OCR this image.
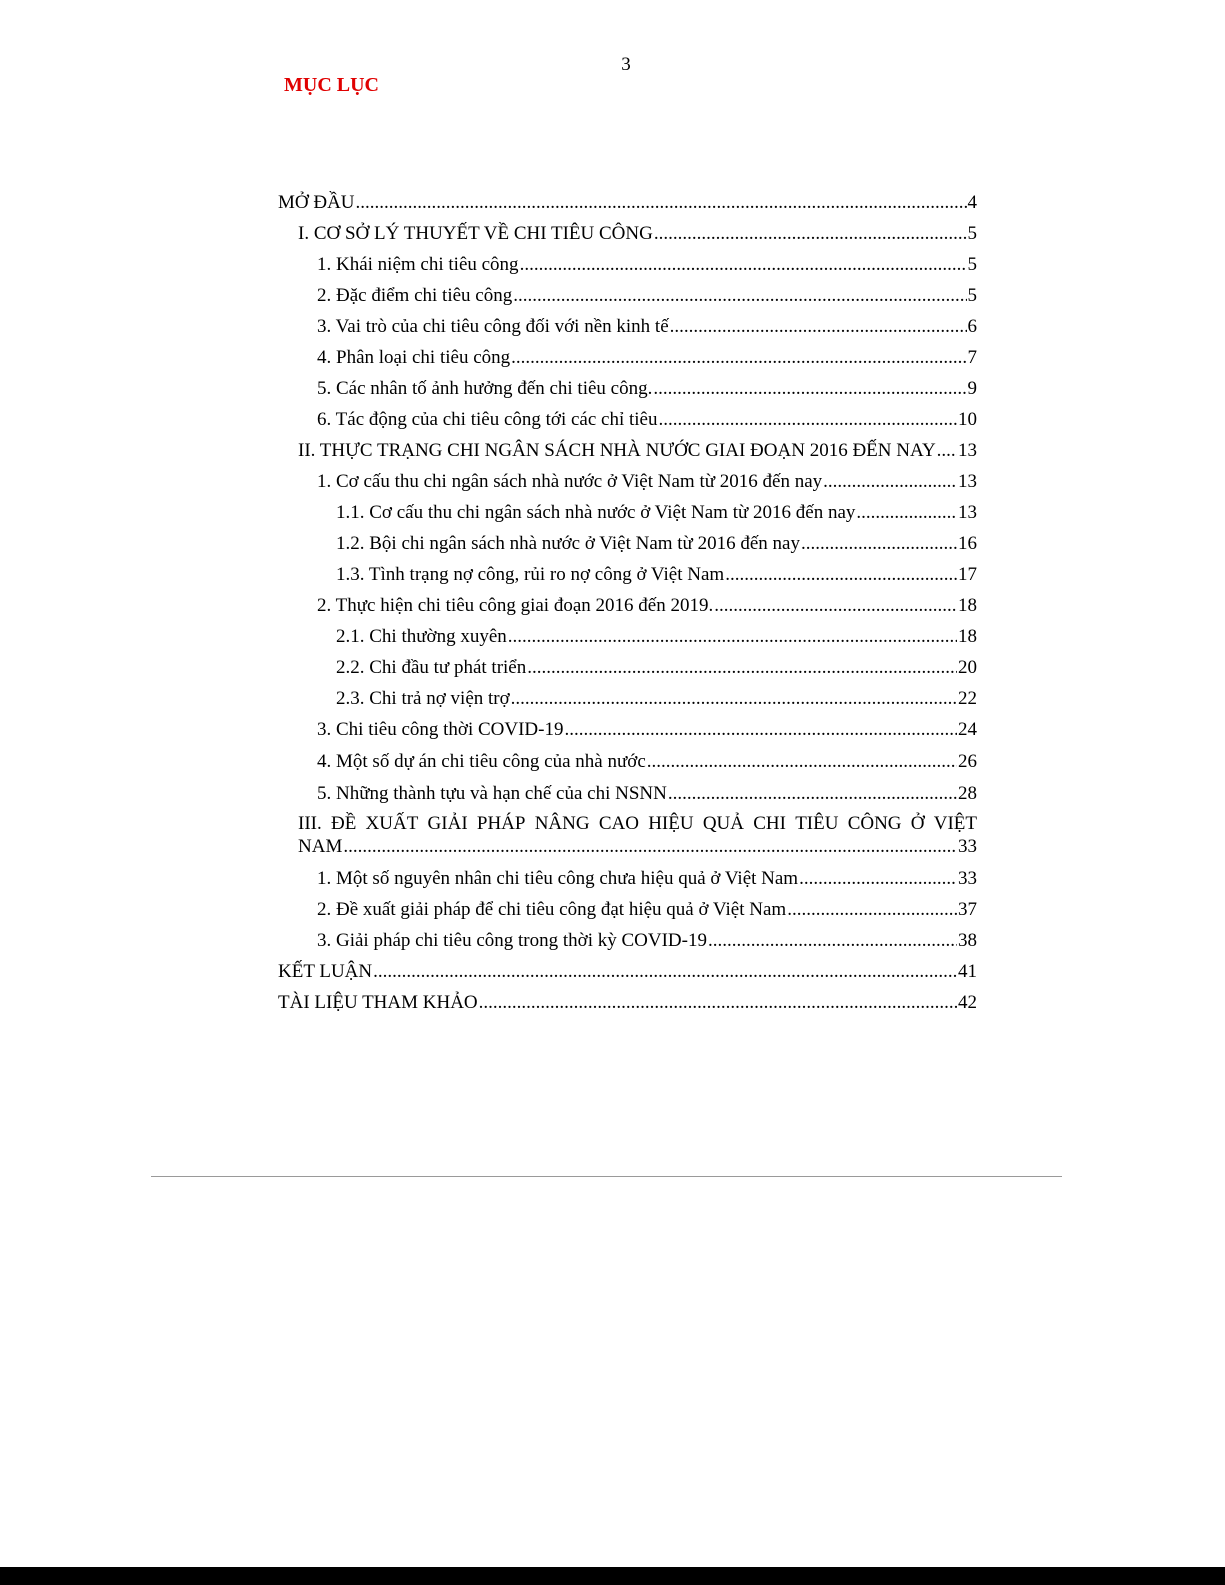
3
MỤC LỤC
MỞ ĐẦU .....	4
I. CƠ SỞ LÝ THUYẾT VỀ CHI TIÊU CÔNG .....	5
1. Khái niệm chi tiêu công .....	5
2. Đặc điểm chi tiêu công .....	5
3. Vai trò của chi tiêu công đối với nền kinh tế .....	6
4. Phân loại chi tiêu công .....	7
5. Các nhân tố ảnh hưởng đến chi tiêu công. .....	9
6. Tác động của chi tiêu công tới các chỉ tiêu .....	10
II. THỰC TRẠNG CHI NGÂN SÁCH NHÀ NƯỚC GIAI ĐOẠN 2016 ĐẾN NAY ..... 13
1. Cơ cấu thu chi ngân sách nhà nước ở Việt Nam từ 2016 đến nay .....	13
1.1. Cơ cấu thu chi ngân sách nhà nước ở Việt Nam từ 2016 đến nay .....	13
1.2. Bội chi ngân sách nhà nước ở Việt Nam từ 2016 đến nay .....	16
1.3. Tình trạng nợ công, rủi ro nợ công ở Việt Nam .....	17
2. Thực hiện chi tiêu công giai đoạn 2016 đến 2019. .....	18
2.1. Chi thường xuyên .....	18
2.2. Chi đầu tư phát triển .....	20
2.3. Chi trả nợ viện trợ .....	22
3. Chi tiêu công thời COVID-19 .....	24
4. Một số dự án chi tiêu công của nhà nước .....	26
5. Những thành tựu và hạn chế của chi NSNN .....	28
III. ĐỀ XUẤT GIẢI PHÁP NÂNG CAO HIỆU QUẢ CHI TIÊU CÔNG Ở VIỆT
NAM .....	33
1. Một số nguyên nhân chi tiêu công chưa hiệu quả ở Việt Nam .....	33
2. Đề xuất giải pháp để chi tiêu công đạt hiệu quả ở Việt Nam .....	37
3. Giải pháp chi tiêu công trong thời kỳ COVID-19 .....	38
KẾT LUẬN .....	41
TÀI LIỆU THAM KHẢO .....	42
